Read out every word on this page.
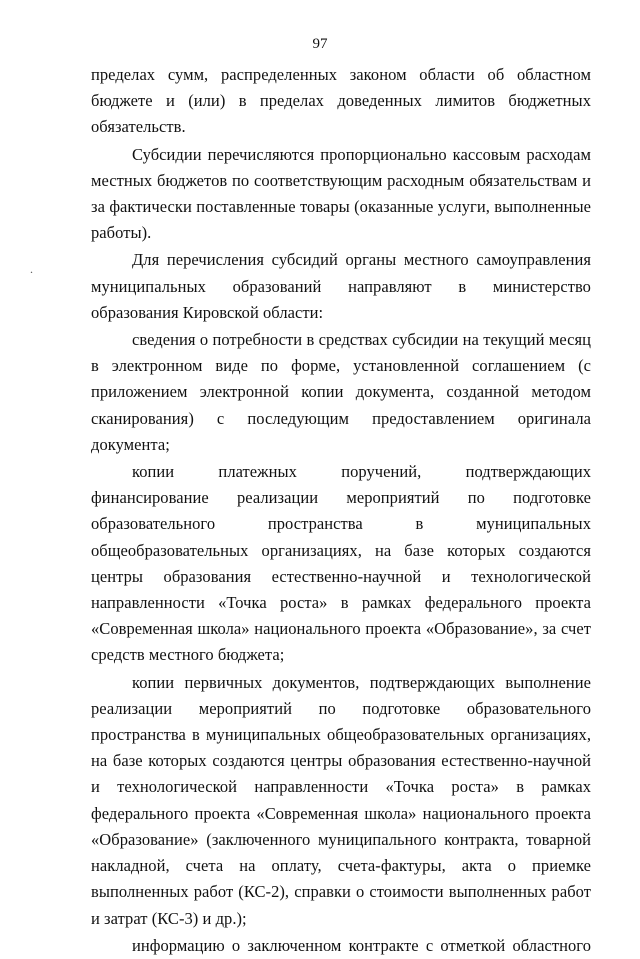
97
.

пределах сумм, распределенных законом области об областном бюджете и (или) в пределах доведенных лимитов бюджетных обязательств.

Субсидии перечисляются пропорционально кассовым расходам местных бюджетов по соответствующим расходным обязательствам и за фактически поставленные товары (оказанные услуги, выполненные работы).

Для перечисления субсидий органы местного самоуправления муниципальных образований направляют в министерство образования Кировской области:

сведения о потребности в средствах субсидии на текущий месяц в электронном виде по форме, установленной соглашением (с приложением электронной копии документа, созданной методом сканирования) с последующим предоставлением оригинала документа;

копии платежных поручений, подтверждающих финансирование реализации мероприятий по подготовке образовательного пространства в муниципальных общеобразовательных организациях, на базе которых создаются центры образования естественно-научной и технологической направленности «Точка роста» в рамках федерального проекта «Современная школа» национального проекта «Образование», за счет средств местного бюджета;

копии первичных документов, подтверждающих выполнение реализации мероприятий по подготовке образовательного пространства в муниципальных общеобразовательных организациях, на базе которых создаются центры образования естественно-научной и технологической направленности «Точка роста» в рамках федерального проекта «Современная школа» национального проекта «Образование» (заключенного муниципального контракта, товарной накладной, счета на оплату, счета-фактуры, акта о приемке выполненных работ (КС-2), справки о стоимости выполненных работ и затрат (КС-3) и др.);

информацию о заключенном контракте с отметкой областного
